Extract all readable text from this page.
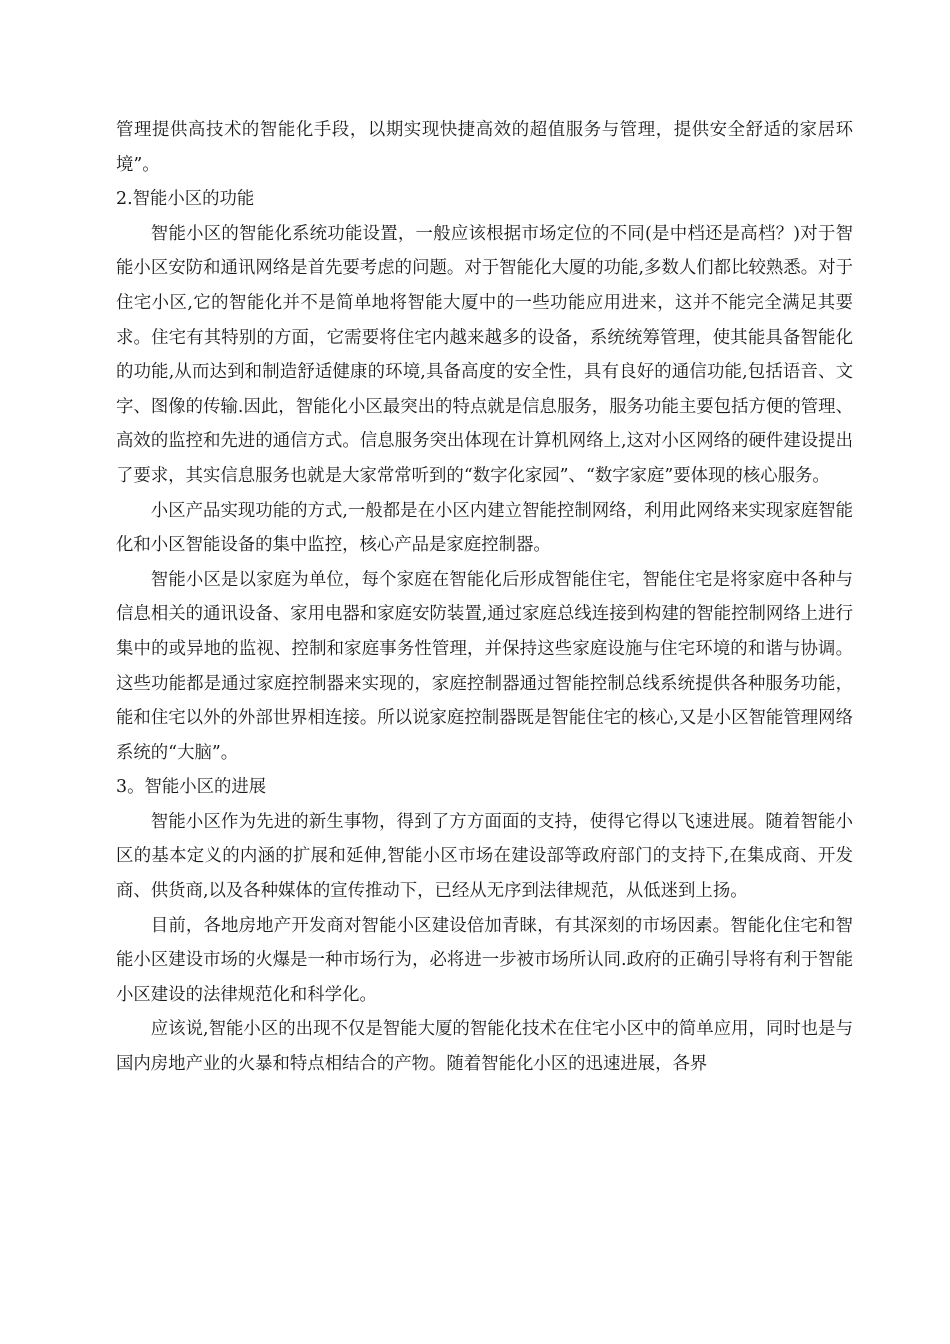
管理提供高技术的智能化手段，以期实现快捷高效的超值服务与管理，提供安全舒适的家居环境”。

2.智能小区的功能

智能小区的智能化系统功能设置，一般应该根据市场定位的不同(是中档还是高档？)对于智能小区安防和通讯网络是首先要考虑的问题。对于智能化大厦的功能,多数人们都比较熟悉。对于住宅小区,它的智能化并不是简单地将智能大厦中的一些功能应用进来，这并不能完全满足其要求。住宅有其特别的方面，它需要将住宅内越来越多的设备，系统统筹管理，使其能具备智能化的功能,从而达到和制造舒适健康的环境,具备高度的安全性，具有良好的通信功能,包括语音、文字、图像的传输.因此，智能化小区最突出的特点就是信息服务，服务功能主要包括方便的管理、高效的监控和先进的通信方式。信息服务突出体现在计算机网络上,这对小区网络的硬件建设提出了要求，其实信息服务也就是大家常常听到的“数字化家园”、“数字家庭”要体现的核心服务。

小区产品实现功能的方式,一般都是在小区内建立智能控制网络，利用此网络来实现家庭智能化和小区智能设备的集中监控，核心产品是家庭控制器。

智能小区是以家庭为单位，每个家庭在智能化后形成智能住宅，智能住宅是将家庭中各种与信息相关的通讯设备、家用电器和家庭安防装置,通过家庭总线连接到构建的智能控制网络上进行集中的或异地的监视、控制和家庭事务性管理，并保持这些家庭设施与住宅环境的和谐与协调。这些功能都是通过家庭控制器来实现的，家庭控制器通过智能控制总线系统提供各种服务功能，能和住宅以外的外部世界相连接。所以说家庭控制器既是智能住宅的核心,又是小区智能管理网络系统的“大脑”。

3。智能小区的进展

智能小区作为先进的新生事物，得到了方方面面的支持，使得它得以飞速进展。随着智能小区的基本定义的内涵的扩展和延伸,智能小区市场在建设部等政府部门的支持下,在集成商、开发商、供货商,以及各种媒体的宣传推动下，已经从无序到法律规范，从低迷到上扬。

目前，各地房地产开发商对智能小区建设倍加青睐，有其深刻的市场因素。智能化住宅和智能小区建设市场的火爆是一种市场行为，必将进一步被市场所认同.政府的正确引导将有利于智能小区建设的法律规范化和科学化。

应该说,智能小区的出现不仅是智能大厦的智能化技术在住宅小区中的简单应用，同时也是与国内房地产业的火暴和特点相结合的产物。随着智能化小区的迅速进展，各界
